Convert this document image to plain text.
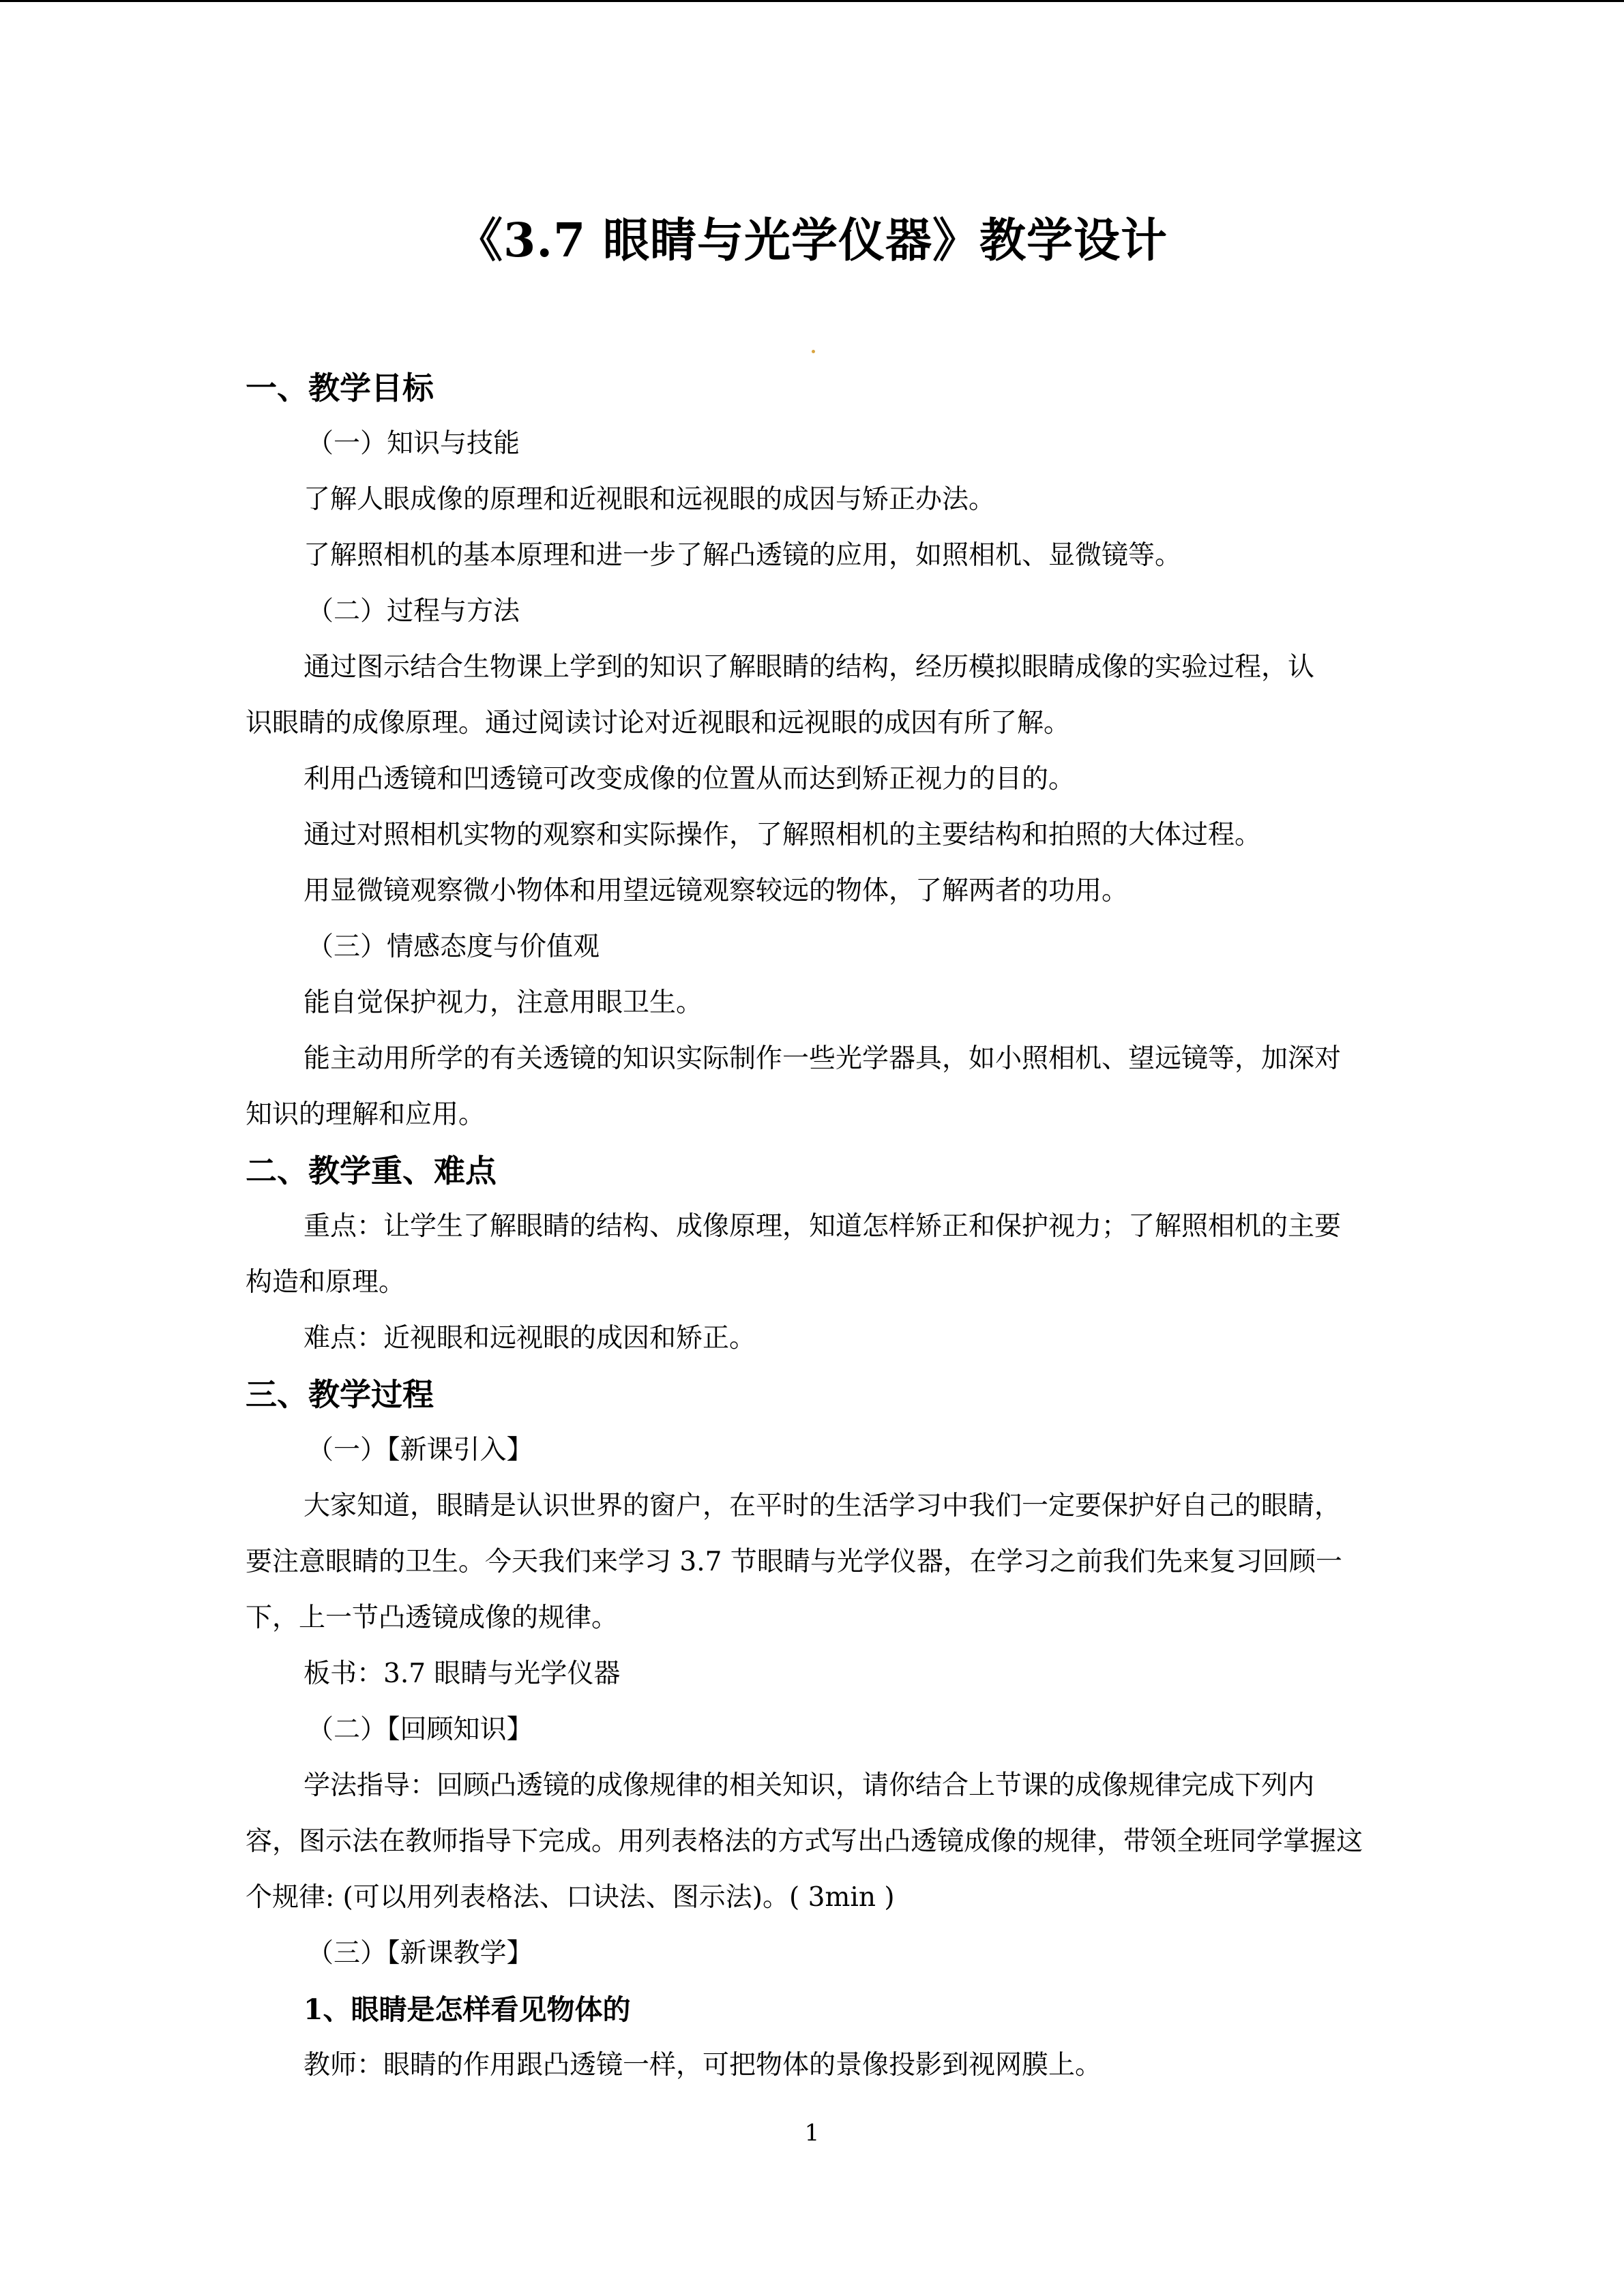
《3.7 眼睛与光学仪器》教学设计
一、教学目标
（一）知识与技能

了解人眼成像的原理和近视眼和远视眼的成因与矫正办法。

了解照相机的基本原理和进一步了解凸透镜的应用，如照相机、显微镜等。

（二）过程与方法

通过图示结合生物课上学到的知识了解眼睛的结构，经历模拟眼睛成像的实验过程，认识眼睛的成像原理。通过阅读讨论对近视眼和远视眼的成因有所了解。

利用凸透镜和凹透镜可改变成像的位置从而达到矫正视力的目的。

通过对照相机实物的观察和实际操作，了解照相机的主要结构和拍照的大体过程。

用显微镜观察微小物体和用望远镜观察较远的物体，了解两者的功用。

（三）情感态度与价值观

能自觉保护视力，注意用眼卫生。

能主动用所学的有关透镜的知识实际制作一些光学器具，如小照相机、望远镜等，加深对知识的理解和应用。

二、教学重、难点

重点：让学生了解眼睛的结构、成像原理，知道怎样矫正和保护视力；了解照相机的主要构造和原理。

难点：近视眼和远视眼的成因和矫正。

三、教学过程
（一）【新课引入】

大家知道，眼睛是认识世界的窗户，在平时的生活学习中我们一定要保护好自己的眼睛，要注意眼睛的卫生。今天我们来学习 3.7 节眼睛与光学仪器，在学习之前我们先来复习回顾一下，上一节凸透镜成像的规律。

板书：3.7 眼睛与光学仪器

（二）【回顾知识】

学法指导：回顾凸透镜的成像规律的相关知识，请你结合上节课的成像规律完成下列内容，图示法在教师指导下完成。用列表格法的方式写出凸透镜成像的规律，带领全班同学掌握这个规律: (可以用列表格法、口诀法、图示法)。( 3min )

（三）【新课教学】
1、眼睛是怎样看见物体的

教师：眼睛的作用跟凸透镜一样，可把物体的景像投影到视网膜上。

1
